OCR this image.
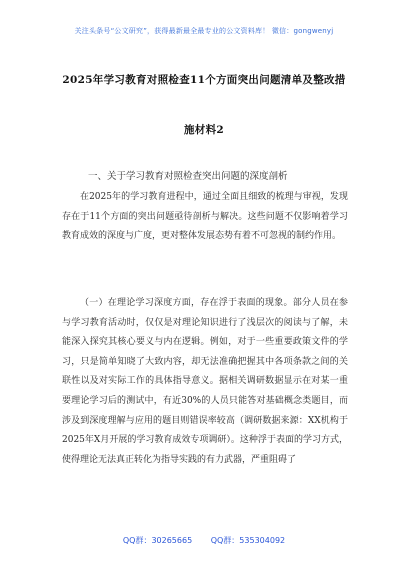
关注头条号“公文研究”，获得最新最全最专业的公文资料库！ 微信：gongwenyj
2025年学习教育对照检查11个方面突出问题清单及整改措
施材料2
一、关于学习教育对照检查突出问题的深度剖析

在2025年的学习教育进程中，通过全面且细致的梳理与审视，发现存在于11个方面的突出问题亟待剖析与解决。这些问题不仅影响着学习教育成效的深度与广度，更对整体发展态势有着不可忽视的制约作用。

（一）在理论学习深度方面，存在浮于表面的现象。部分人员在参与学习教育活动时，仅仅是对理论知识进行了浅层次的阅读与了解，未能深入探究其核心要义与内在逻辑。例如，对于一些重要政策文件的学习，只是简单知晓了大致内容，却无法准确把握其中各项条款之间的关联性以及对实际工作的具体指导意义。据相关调研数据显示在对某一重要理论学习后的测试中，有近30%的人员只能答对基础概念类题目，而涉及到深度理解与应用的题目则错误率较高（调研数据来源：XX机构于2025年X月开展的学习教育成效专项调研）。这种浮于表面的学习方式，使得理论无法真正转化为指导实践的有力武器，严重阻碍了

QQ群：30265665 QQ群：535304092
